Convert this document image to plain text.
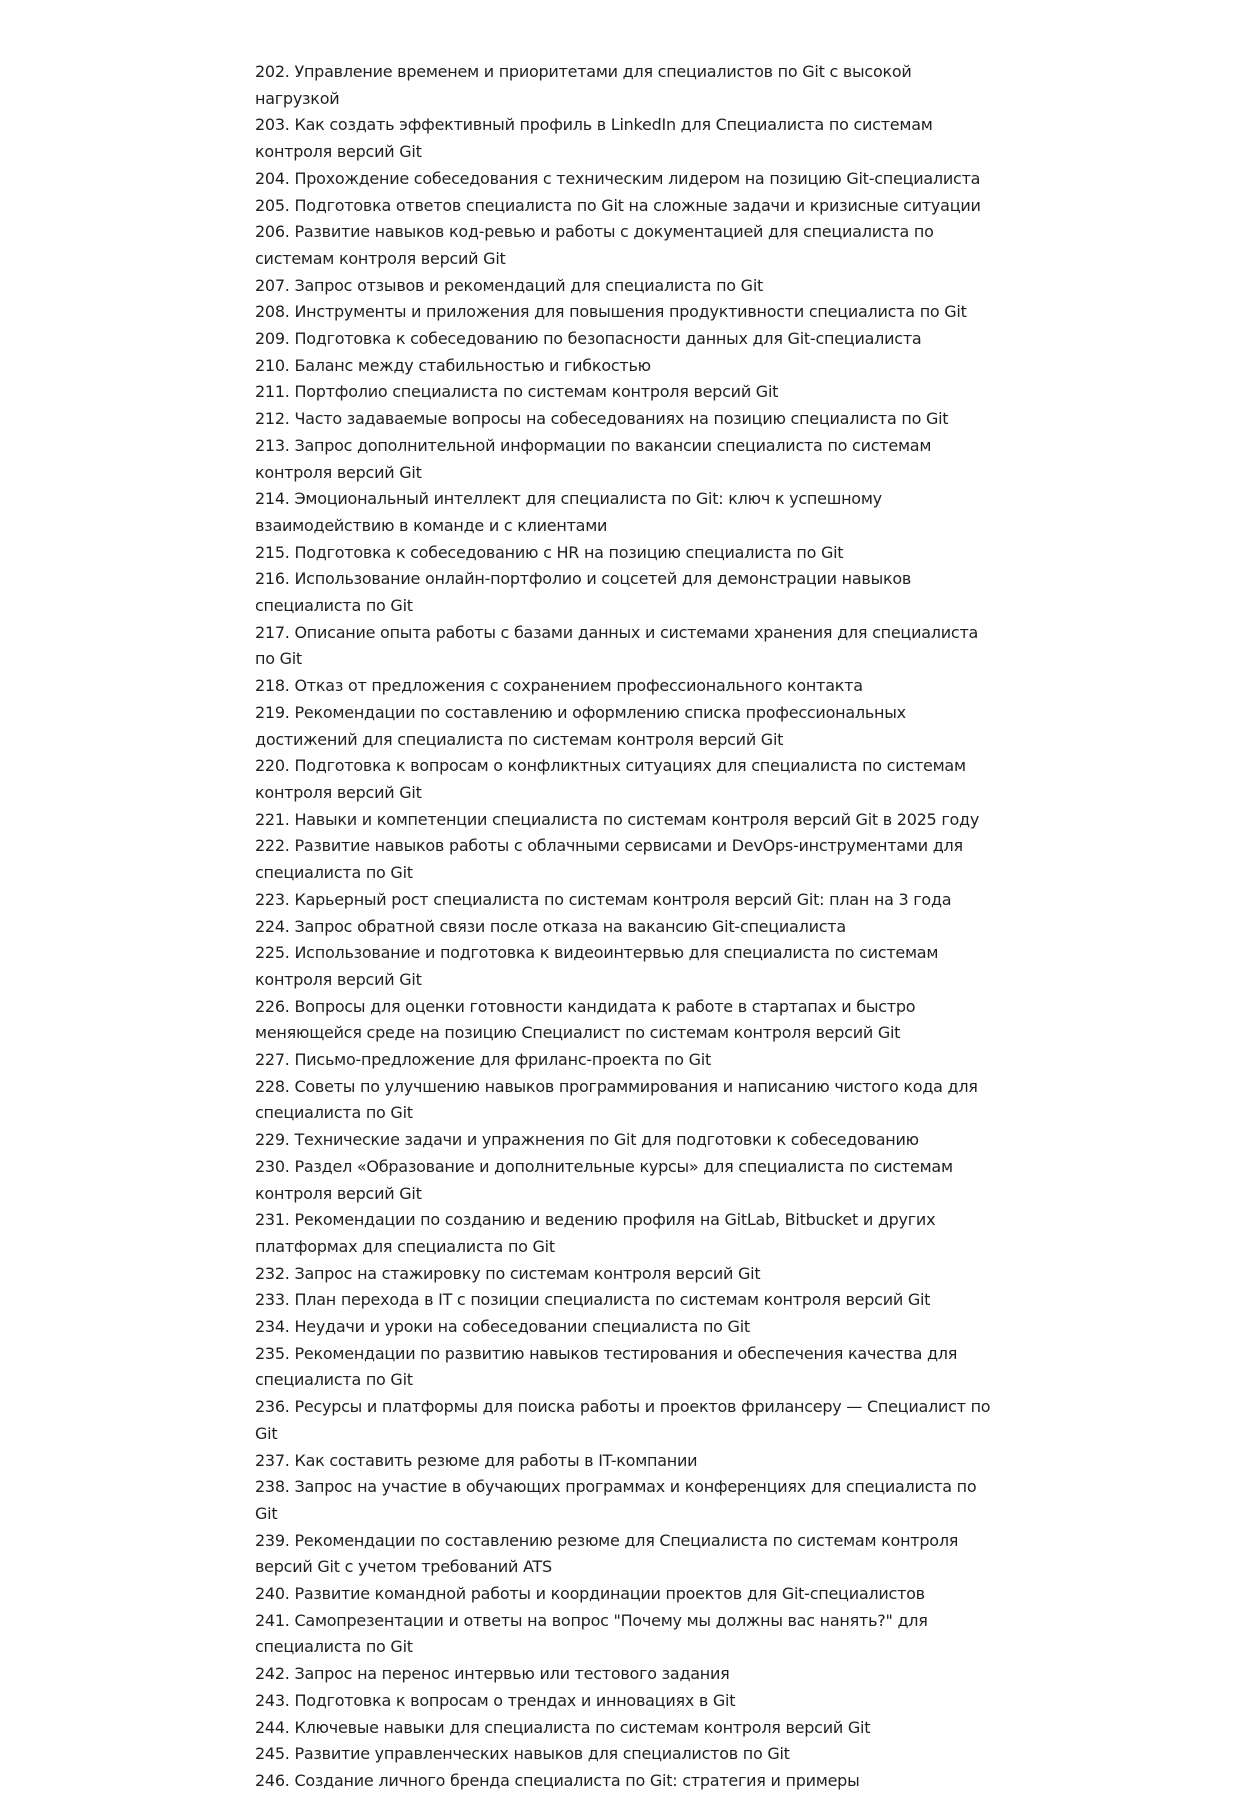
202. Управление временем и приоритетами для специалистов по Git с высокой нагрузкой
203. Как создать эффективный профиль в LinkedIn для Специалиста по системам контроля версий Git
204. Прохождение собеседования с техническим лидером на позицию Git-специалиста
205. Подготовка ответов специалиста по Git на сложные задачи и кризисные ситуации
206. Развитие навыков код-ревью и работы с документацией для специалиста по системам контроля версий Git
207. Запрос отзывов и рекомендаций для специалиста по Git
208. Инструменты и приложения для повышения продуктивности специалиста по Git
209. Подготовка к собеседованию по безопасности данных для Git-специалиста
210. Баланс между стабильностью и гибкостью
211. Портфолио специалиста по системам контроля версий Git
212. Часто задаваемые вопросы на собеседованиях на позицию специалиста по Git
213. Запрос дополнительной информации по вакансии специалиста по системам контроля версий Git
214. Эмоциональный интеллект для специалиста по Git: ключ к успешному взаимодействию в команде и с клиентами
215. Подготовка к собеседованию с HR на позицию специалиста по Git
216. Использование онлайн-портфолио и соцсетей для демонстрации навыков специалиста по Git
217. Описание опыта работы с базами данных и системами хранения для специалиста по Git
218. Отказ от предложения с сохранением профессионального контакта
219. Рекомендации по составлению и оформлению списка профессиональных достижений для специалиста по системам контроля версий Git
220. Подготовка к вопросам о конфликтных ситуациях для специалиста по системам контроля версий Git
221. Навыки и компетенции специалиста по системам контроля версий Git в 2025 году
222. Развитие навыков работы с облачными сервисами и DevOps-инструментами для специалиста по Git
223. Карьерный рост специалиста по системам контроля версий Git: план на 3 года
224. Запрос обратной связи после отказа на вакансию Git-специалиста
225. Использование и подготовка к видеоинтервью для специалиста по системам контроля версий Git
226. Вопросы для оценки готовности кандидата к работе в стартапах и быстро меняющейся среде на позицию Специалист по системам контроля версий Git
227. Письмо-предложение для фриланс-проекта по Git
228. Советы по улучшению навыков программирования и написанию чистого кода для специалиста по Git
229. Технические задачи и упражнения по Git для подготовки к собеседованию
230. Раздел «Образование и дополнительные курсы» для специалиста по системам контроля версий Git
231. Рекомендации по созданию и ведению профиля на GitLab, Bitbucket и других платформах для специалиста по Git
232. Запрос на стажировку по системам контроля версий Git
233. План перехода в IT с позиции специалиста по системам контроля версий Git
234. Неудачи и уроки на собеседовании специалиста по Git
235. Рекомендации по развитию навыков тестирования и обеспечения качества для специалиста по Git
236. Ресурсы и платформы для поиска работы и проектов фрилансеру — Специалист по Git
237. Как составить резюме для работы в IT-компании
238. Запрос на участие в обучающих программах и конференциях для специалиста по Git
239. Рекомендации по составлению резюме для Специалиста по системам контроля версий Git с учетом требований ATS
240. Развитие командной работы и координации проектов для Git-специалистов
241. Самопрезентации и ответы на вопрос "Почему мы должны вас нанять?" для специалиста по Git
242. Запрос на перенос интервью или тестового задания
243. Подготовка к вопросам о трендах и инновациях в Git
244. Ключевые навыки для специалиста по системам контроля версий Git
245. Развитие управленческих навыков для специалистов по Git
246. Создание личного бренда специалиста по Git: стратегия и примеры
